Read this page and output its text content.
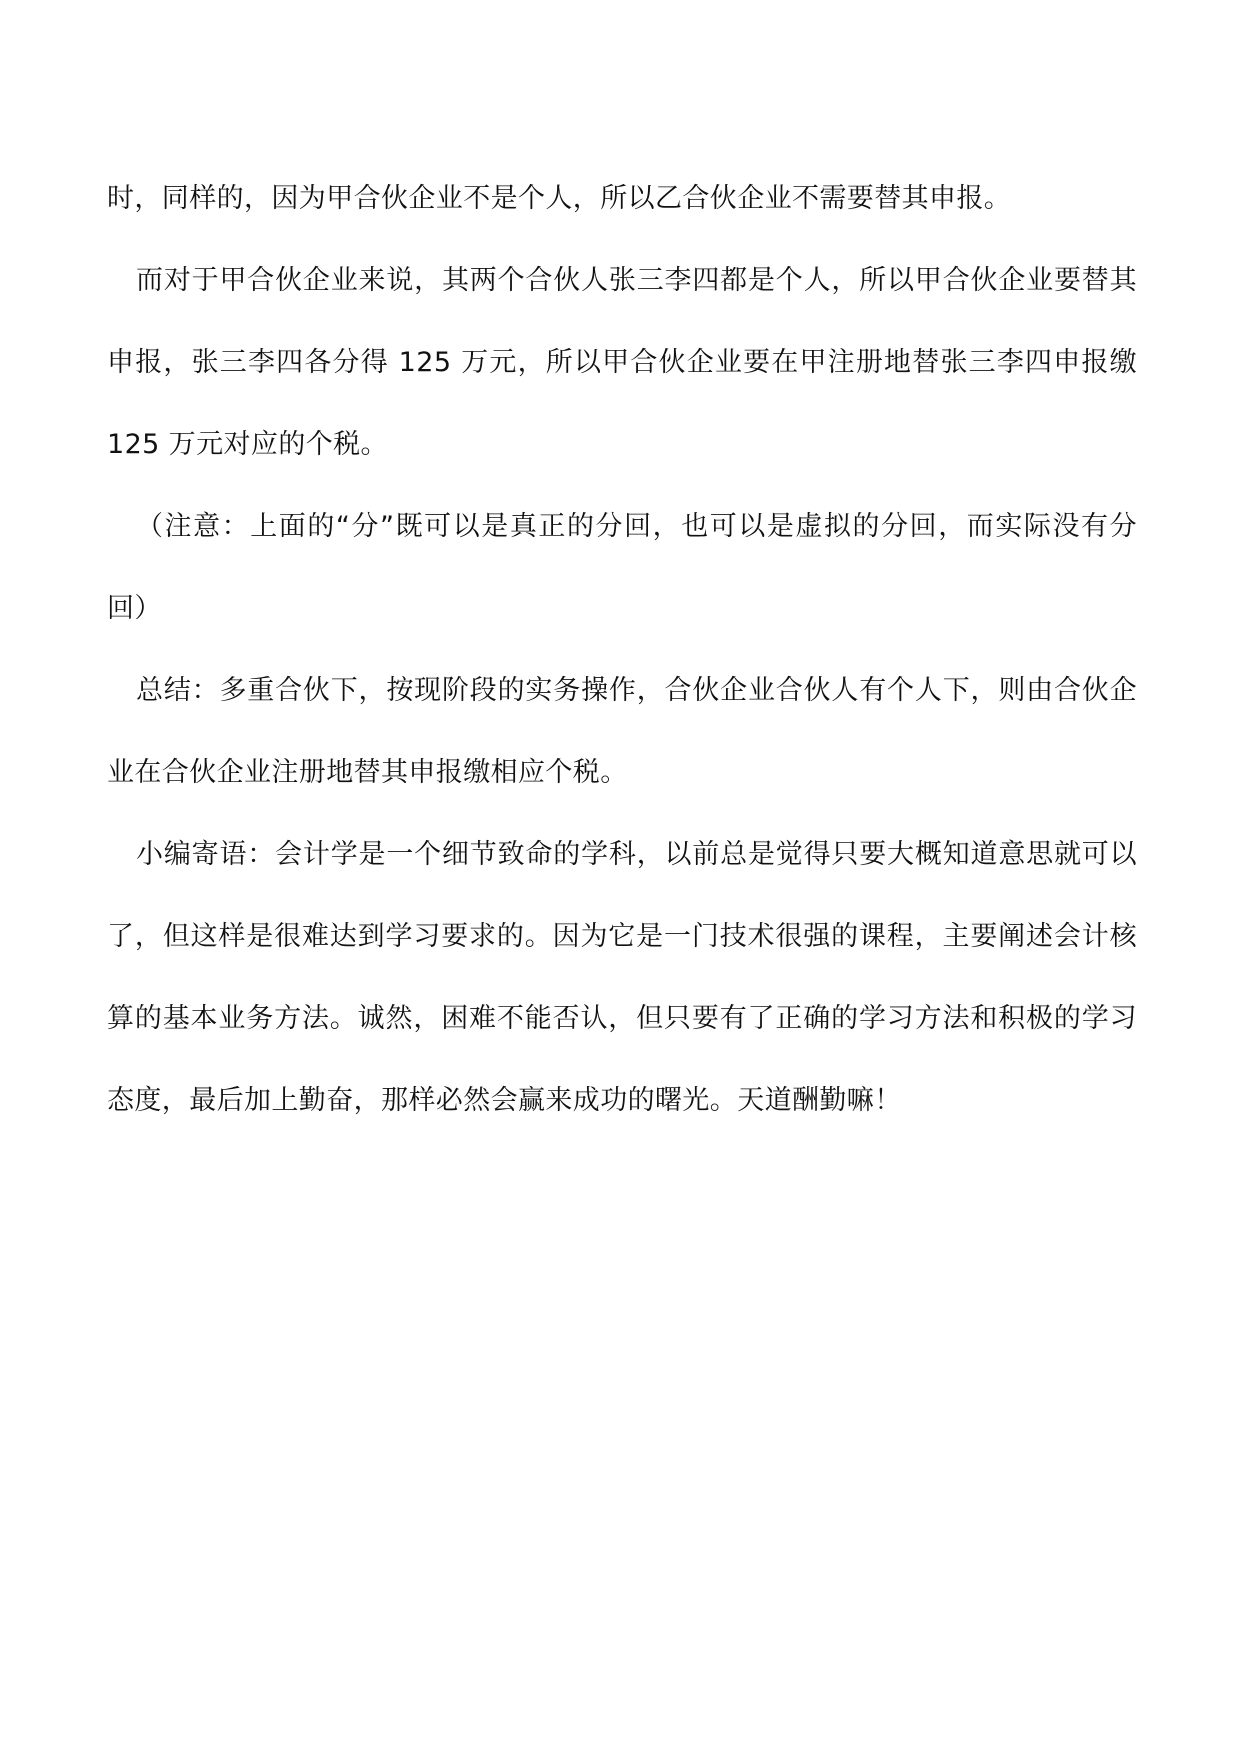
时，同样的，因为甲合伙企业不是个人，所以乙合伙企业不需要替其申报。

而对于甲合伙企业来说，其两个合伙人张三李四都是个人，所以甲合伙企业要替其申报，张三李四各分得 125 万元，所以甲合伙企业要在甲注册地替张三李四申报缴 125 万元对应的个税。

（注意：上面的“分”既可以是真正的分回，也可以是虚拟的分回，而实际没有分回）

总结：多重合伙下，按现阶段的实务操作，合伙企业合伙人有个人下，则由合伙企业在合伙企业注册地替其申报缴相应个税。

小编寄语：会计学是一个细节致命的学科，以前总是觉得只要大概知道意思就可以了，但这样是很难达到学习要求的。因为它是一门技术很强的课程，主要阐述会计核算的基本业务方法。诚然，困难不能否认，但只要有了正确的学习方法和积极的学习态度，最后加上勤奋，那样必然会赢来成功的曙光。天道酬勤嘛！
